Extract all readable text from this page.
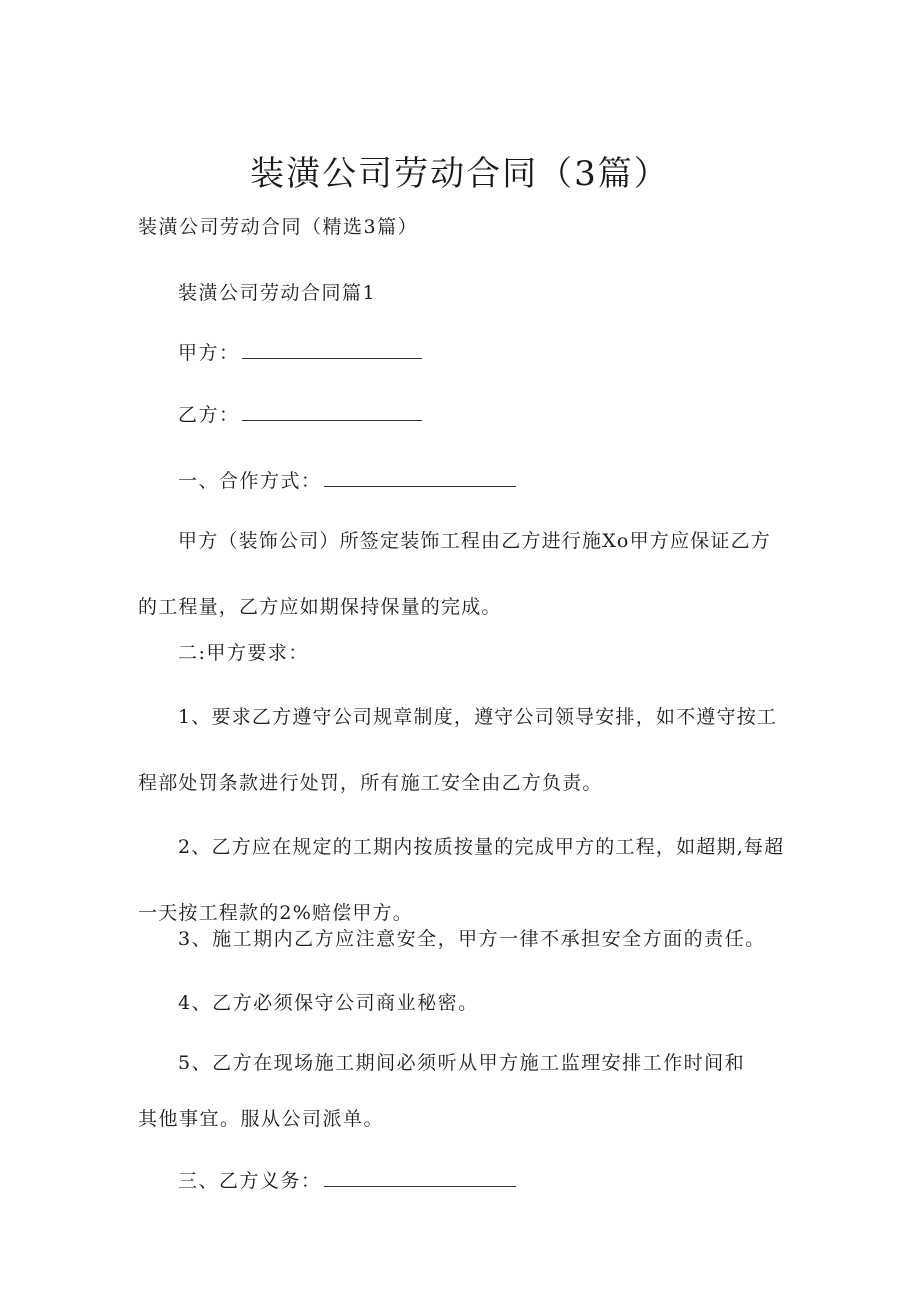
装潢公司劳动合同（3篇）
装潢公司劳动合同（精选3篇）
装潢公司劳动合同篇1
甲方：
乙方：
一、合作方式：
甲方（装饰公司）所签定装饰工程由乙方进行施Xo甲方应保证乙方的工程量，乙方应如期保持保量的完成。
二:甲方要求：
1、要求乙方遵守公司规章制度，遵守公司领导安排，如不遵守按工程部处罚条款进行处罚，所有施工安全由乙方负责。
2、乙方应在规定的工期内按质按量的完成甲方的工程，如超期,每超一天按工程款的2%赔偿甲方。
3、施工期内乙方应注意安全，甲方一律不承担安全方面的责任。
4、乙方必须保守公司商业秘密。
5、乙方在现场施工期间必须听从甲方施工监理安排工作时间和
其他事宜。服从公司派单。
三、乙方义务：
